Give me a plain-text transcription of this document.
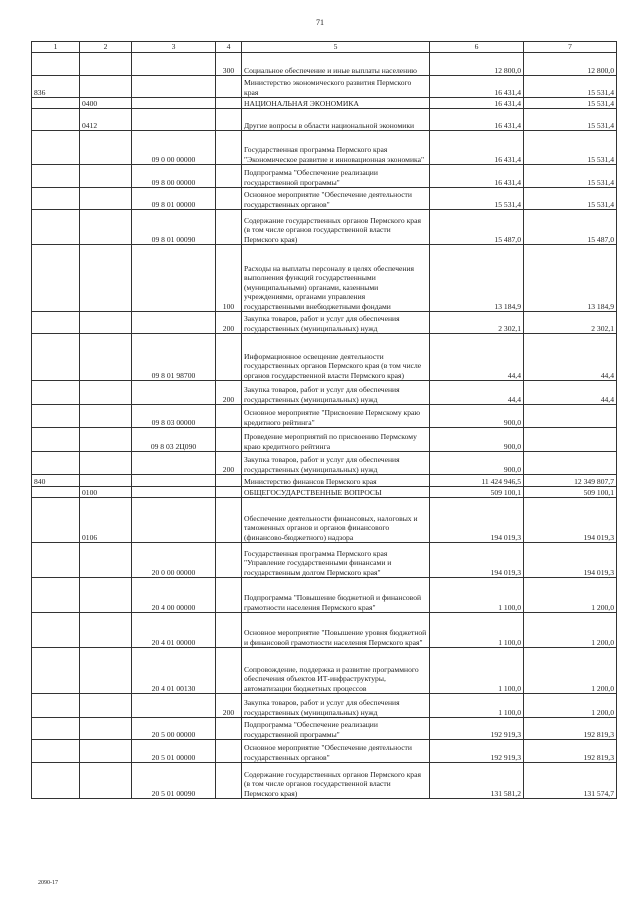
71
1	2	3	4	5	6	7
			300	Социальное обеспечение и иные выплаты населению	12 800,0	12 800,0
836				Министерство экономического развития Пермского края	16 431,4	15 531,4
	0400			НАЦИОНАЛЬНАЯ ЭКОНОМИКА	16 431,4	15 531,4
	0412			Другие вопросы в области национальной экономики	16 431,4	15 531,4
		09 0 00 00000		Государственная программа Пермского края "Экономическое развитие и инновационная экономика"	16 431,4	15 531,4
		09 8 00 00000		Подпрограмма "Обеспечение реализации государственной программы"	16 431,4	15 531,4
		09 8 01 00000		Основное мероприятие "Обеспечение деятельности государственных органов"	15 531,4	15 531,4
		09 8 01 00090		Содержание государственных органов Пермского края (в том числе органов государственной власти Пермского края)	15 487,0	15 487,0
			100	Расходы на выплаты персоналу в целях обеспечения выполнения функций государственными (муниципальными) органами, казенными учреждениями, органами управления государственными внебюджетными фондами	13 184,9	13 184,9
			200	Закупка товаров, работ и услуг для обеспечения государственных (муниципальных) нужд	2 302,1	2 302,1
		09 8 01 98700		Информационное освещение деятельности государственных органов Пермского края (в том числе органов государственной власти Пермского края)	44,4	44,4
			200	Закупка товаров, работ и услуг для обеспечения государственных (муниципальных) нужд	44,4	44,4
		09 8 03 00000		Основное мероприятие "Присвоение Пермскому краю кредитного рейтинга"	900,0	
		09 8 03 2Ц090		Проведение мероприятий по присвоению Пермскому краю кредитного рейтинга	900,0	
			200	Закупка товаров, работ и услуг для обеспечения государственных (муниципальных) нужд	900,0	
840				Министерство финансов Пермского края	11 424 946,5	12 349 807,7
	0100			ОБЩЕГОСУДАРСТВЕННЫЕ ВОПРОСЫ	509 100,1	509 100,1
	0106			Обеспечение деятельности финансовых, налоговых и таможенных органов и органов финансового (финансово-бюджетного) надзора	194 019,3	194 019,3
		20 0 00 00000		Государственная программа Пермского края "Управление государственными финансами и государственным долгом Пермского края"	194 019,3	194 019,3
		20 4 00 00000		Подпрограмма "Повышение бюджетной и финансовой грамотности населения Пермского края"	1 100,0	1 200,0
		20 4 01 00000		Основное мероприятие "Повышение уровня бюджетной и финансовой грамотности населения Пермского края"	1 100,0	1 200,0
		20 4 01 00130		Сопровождение, поддержка и развитие программного обеспечения объектов ИТ-инфраструктуры, автоматизации бюджетных процессов	1 100,0	1 200,0
			200	Закупка товаров, работ и услуг для обеспечения государственных (муниципальных) нужд	1 100,0	1 200,0
		20 5 00 00000		Подпрограмма "Обеспечение реализации государственной программы"	192 919,3	192 819,3
		20 5 01 00000		Основное мероприятие "Обеспечение деятельности государственных органов"	192 919,3	192 819,3
		20 5 01 00090		Содержание государственных органов Пермского края (в том числе органов государственной власти Пермского края)	131 581,2	131 574,7
2090-17
